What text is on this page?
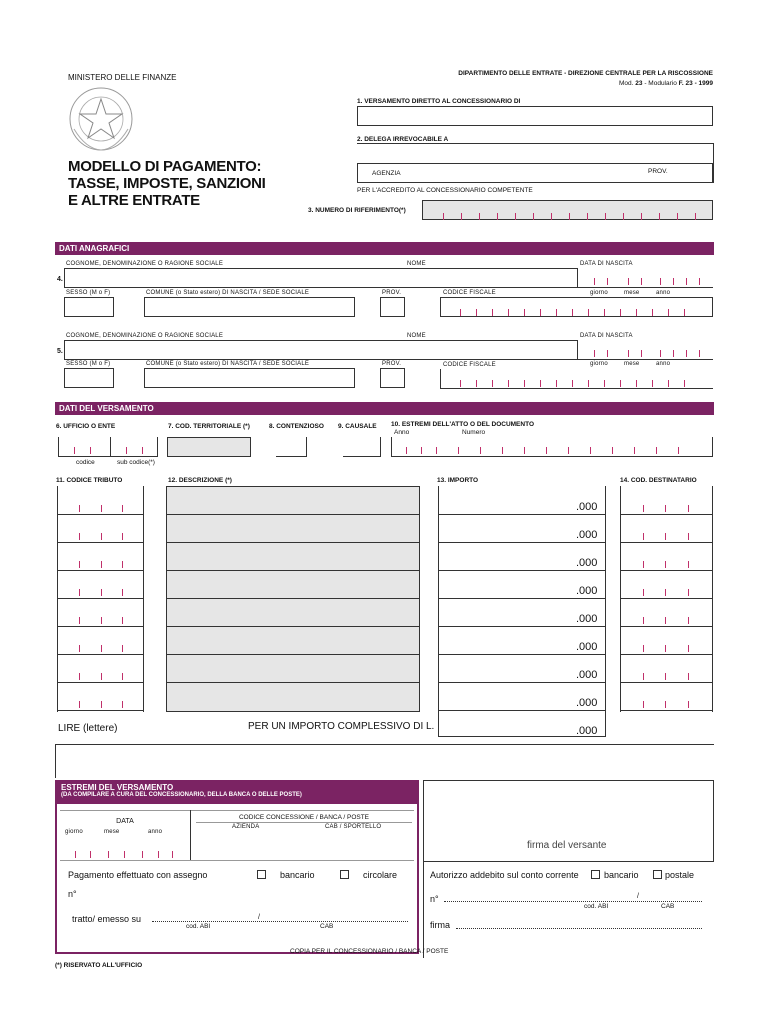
MINISTERO DELLE FINANZE	DIPARTIMENTO DELLE ENTRATE - DIREZIONE CENTRALE PER LA RISCOSSIONE
Mod. 23 - Modulario F. 23 - 1999
MODELLO DI PAGAMENTO:
TASSE, IMPOSTE, SANZIONI
E ALTRE ENTRATE
1. VERSAMENTO DIRETTO AL CONCESSIONARIO DI
2. DELEGA IRREVOCABILE A
AGENZIA	PROV.
PER L'ACCREDITO AL CONCESSIONARIO COMPETENTE
3. NUMERO DI RIFERIMENTO(*)
DATI ANAGRAFICI
COGNOME, DENOMINAZIONE O RAGIONE SOCIALE	NOME	DATA DI NASCITA
4.
SESSO (M o F)	COMUNE (o Stato estero) DI NASCITA / SEDE SOCIALE	PROV.	CODICE FISCALE	giorno	mese	anno
COGNOME, DENOMINAZIONE O RAGIONE SOCIALE	NOME	DATA DI NASCITA
5.
SESSO (M o F)	COMUNE (o Stato estero) DI NASCITA / SEDE SOCIALE	PROV.	CODICE FISCALE	giorno	mese	anno
DATI DEL VERSAMENTO
6. UFFICIO O ENTE	7. COD. TERRITORIALE (*)	8. CONTENZIOSO 9. CAUSALE 10. ESTREMI DELL'ATTO O DEL DOCUMENTO
Anno	Numero
codice	sub codice(*)
11. CODICE TRIBUTO	12. DESCRIZIONE (*)	13. IMPORTO	14. COD. DESTINATARIO
.000
.000
.000
.000
.000
.000
.000
.000
LIRE (lettere)	PER UN IMPORTO COMPLESSIVO DI L.	.000
ESTREMI DEL VERSAMENTO
(DA COMPILARE A CURA DEL CONCESSIONARIO, DELLA BANCA O DELLE POSTE)
DATA
giorno	mese	anno
CODICE CONCESSIONE / BANCA / POSTE
AZIENDA	CAB / SPORTELLO
Pagamento effettuato con assegno	bancario	circolare
n°
tratto/ emesso su	/
cod. ABI	CAB
firma del versante
Autorizzo addebito sul conto corrente	bancario	postale
n°	/
cod. ABI	CAB
firma
COPIA PER IL CONCESSIONARIO / BANCA / POSTE
(*) RISERVATO ALL'UFFICIO
